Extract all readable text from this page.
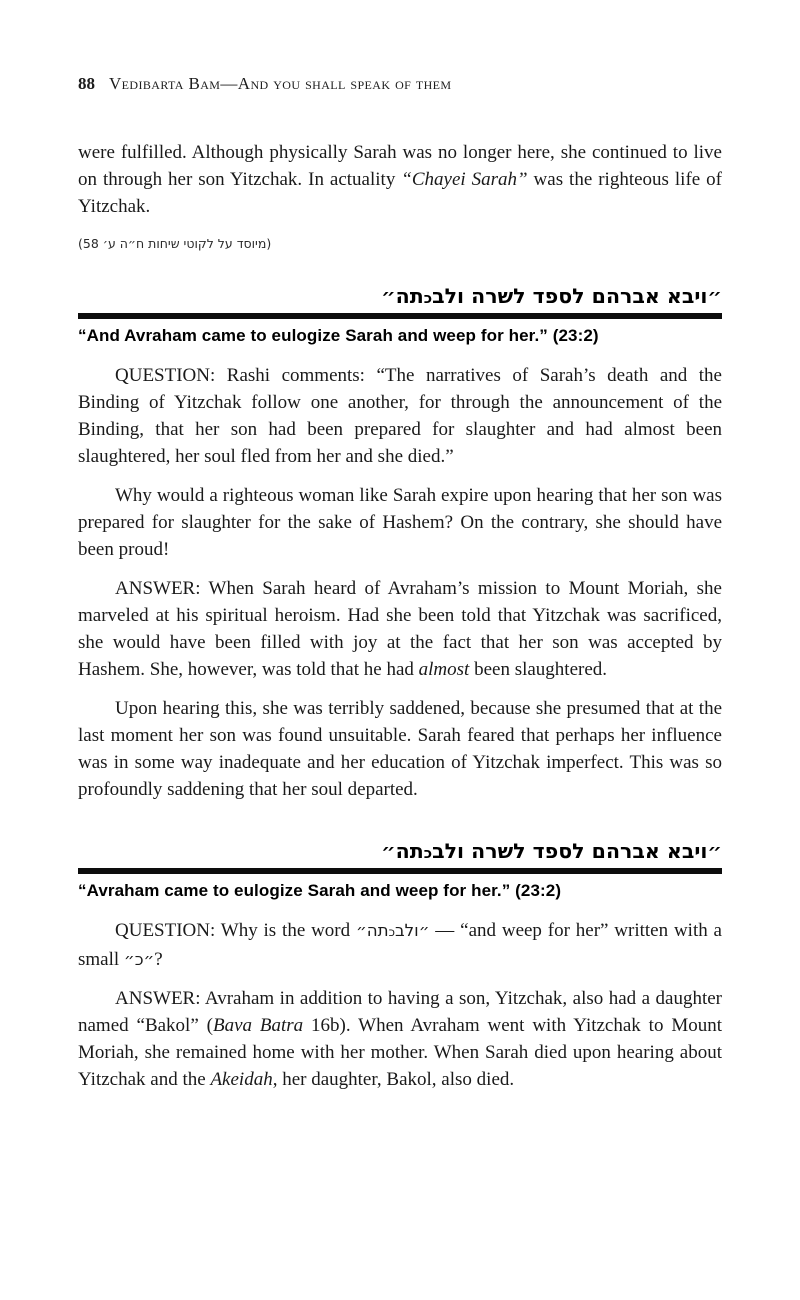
88 Vedibarta Bam—And you shall speak of them

were fulfilled. Although physically Sarah was no longer here, she continued to live on through her son Yitzchak. In actuality “Chayei Sarah” was the righteous life of Yitzchak.

(מיוסד על לקוטי שיחות ח״ה ע׳ 58)

״ויבא אברהם לספד לשרה ולבכתה״
“And Avraham came to eulogize Sarah and weep for her.” (23:2)

QUESTION: Rashi comments: “The narratives of Sarah’s death and the Binding of Yitzchak follow one another, for through the announcement of the Binding, that her son had been prepared for slaughter and had almost been slaughtered, her soul fled from her and she died.”

Why would a righteous woman like Sarah expire upon hearing that her son was prepared for slaughter for the sake of Hashem? On the contrary, she should have been proud!

ANSWER: When Sarah heard of Avraham’s mission to Mount Moriah, she marveled at his spiritual heroism. Had she been told that Yitzchak was sacrificed, she would have been filled with joy at the fact that her son was accepted by Hashem. She, however, was told that he had almost been slaughtered.

Upon hearing this, she was terribly saddened, because she presumed that at the last moment her son was found unsuitable. Sarah feared that perhaps her influence was in some way inadequate and her education of Yitzchak imperfect. This was so profoundly saddening that her soul departed.

״ויבא אברהם לספד לשרה ולבכתה״
“Avraham came to eulogize Sarah and weep for her.” (23:2)

QUESTION: Why is the word ״ולבכתה״ — “and weep for her” written with a small ״כ״?

ANSWER: Avraham in addition to having a son, Yitzchak, also had a daughter named “Bakol” (Bava Batra 16b). When Avraham went with Yitzchak to Mount Moriah, she remained home with her mother. When Sarah died upon hearing about Yitzchak and the Akeidah, her daughter, Bakol, also died.
